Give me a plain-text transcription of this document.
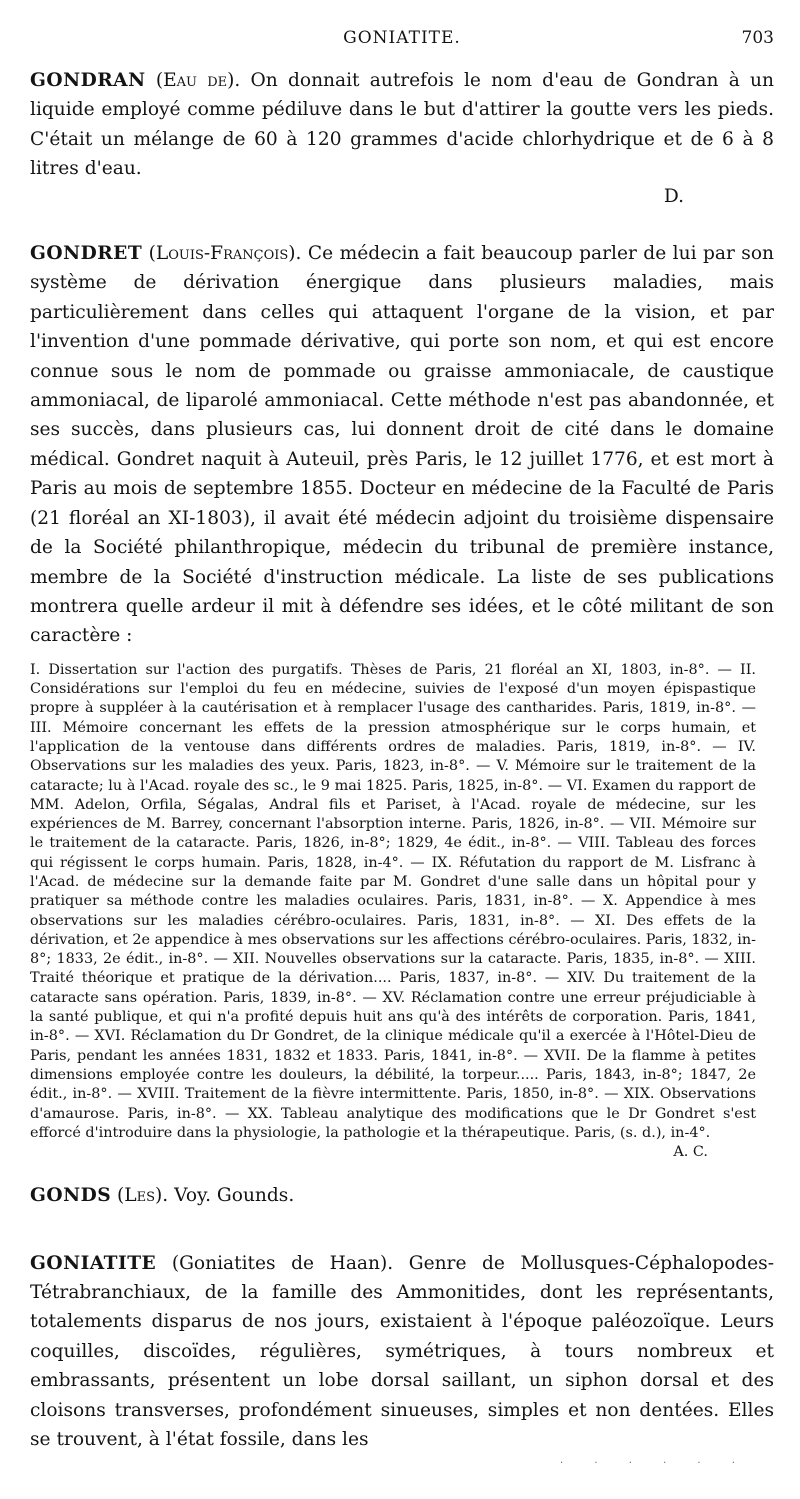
GONIATITE.	703

GONDRAN (Eau de). On donnait autrefois le nom d'eau de Gondran à un liquide employé comme pédiluve dans le but d'attirer la goutte vers les pieds. C'était un mélange de 60 à 120 grammes d'acide chlorhydrique et de 6 à 8 litres d'eau.

D.

GONDRET (Louis-François). Ce médecin a fait beaucoup parler de lui par son système de dérivation énergique dans plusieurs maladies, mais particulièrement dans celles qui attaquent l'organe de la vision, et par l'invention d'une pommade dérivative, qui porte son nom, et qui est encore connue sous le nom de pommade ou graisse ammoniacale, de caustique ammoniacal, de liparolé ammoniacal. Cette méthode n'est pas abandonnée, et ses succès, dans plusieurs cas, lui donnent droit de cité dans le domaine médical. Gondret naquit à Auteuil, près Paris, le 12 juillet 1776, et est mort à Paris au mois de septembre 1855. Docteur en médecine de la Faculté de Paris (21 floréal an XI-1803), il avait été médecin adjoint du troisième dispensaire de la Société philanthropique, médecin du tribunal de première instance, membre de la Société d'instruction médicale. La liste de ses publications montrera quelle ardeur il mit à défendre ses idées, et le côté militant de son caractère :

I. Dissertation sur l'action des purgatifs. Thèses de Paris, 21 floréal an XI, 1803, in-8°. — II. Considérations sur l'emploi du feu en médecine, suivies de l'exposé d'un moyen épispastique propre à suppléer à la cautérisation et à remplacer l'usage des cantharides. Paris, 1819, in-8°. — III. Mémoire concernant les effets de la pression atmosphérique sur le corps humain, et l'application de la ventouse dans différents ordres de maladies. Paris, 1819, in-8°. — IV. Observations sur les maladies des yeux. Paris, 1823, in-8°. — V. Mémoire sur le traitement de la cataracte; lu à l'Acad. royale des sc., le 9 mai 1825. Paris, 1825, in-8°. — VI. Examen du rapport de MM. Adelon, Orfila, Ségalas, Andral fils et Pariset, à l'Acad. royale de médecine, sur les expériences de M. Barrey, concernant l'absorption interne. Paris, 1826, in-8°. — VII. Mémoire sur le traitement de la cataracte. Paris, 1826, in-8°; 1829, 4e édit., in-8°. — VIII. Tableau des forces qui régissent le corps humain. Paris, 1828, in-4°. — IX. Réfutation du rapport de M. Lisfranc à l'Acad. de médecine sur la demande faite par M. Gondret d'une salle dans un hôpital pour y pratiquer sa méthode contre les maladies oculaires. Paris, 1831, in-8°. — X. Appendice à mes observations sur les maladies cérébro-oculaires. Paris, 1831, in-8°. — XI. Des effets de la dérivation, et 2e appendice à mes observations sur les affections cérébro-oculaires. Paris, 1832, in-8°; 1833, 2e édit., in-8°. — XII. Nouvelles observations sur la cataracte. Paris, 1835, in-8°. — XIII. Traité théorique et pratique de la dérivation.... Paris, 1837, in-8°. — XIV. Du traitement de la cataracte sans opération. Paris, 1839, in-8°. — XV. Réclamation contre une erreur préjudiciable à la santé publique, et qui n'a profité depuis huit ans qu'à des intérêts de corporation. Paris, 1841, in-8°. — XVI. Réclamation du Dr Gondret, de la clinique médicale qu'il a exercée à l'Hôtel-Dieu de Paris, pendant les années 1831, 1832 et 1833. Paris, 1841, in-8°. — XVII. De la flamme à petites dimensions employée contre les douleurs, la débilité, la torpeur..... Paris, 1843, in-8°; 1847, 2e édit., in-8°. — XVIII. Traitement de la fièvre intermittente. Paris, 1850, in-8°. — XIX. Observations d'amaurose. Paris, in-8°. — XX. Tableau analytique des modifications que le Dr Gondret s'est efforcé d'introduire dans la physiologie, la pathologie et la thérapeutique. Paris, (s. d.), in-4°.
A. C.

GONDS (Les). Voy. Gounds.

GONIATITE (Goniatites de Haan). Genre de Mollusques-Céphalopodes-Tétrabranchiaux, de la famille des Ammonitides, dont les représentants, totalements disparus de nos jours, existaient à l'époque paléozoïque. Leurs coquilles, discoïdes, régulières, symétriques, à tours nombreux et embrassants, présentent un lobe dorsal saillant, un siphon dorsal et des cloisons transverses, profondément sinueuses, simples et non dentées. Elles se trouvent, à l'état fossile, dans les

· · · · · ·
